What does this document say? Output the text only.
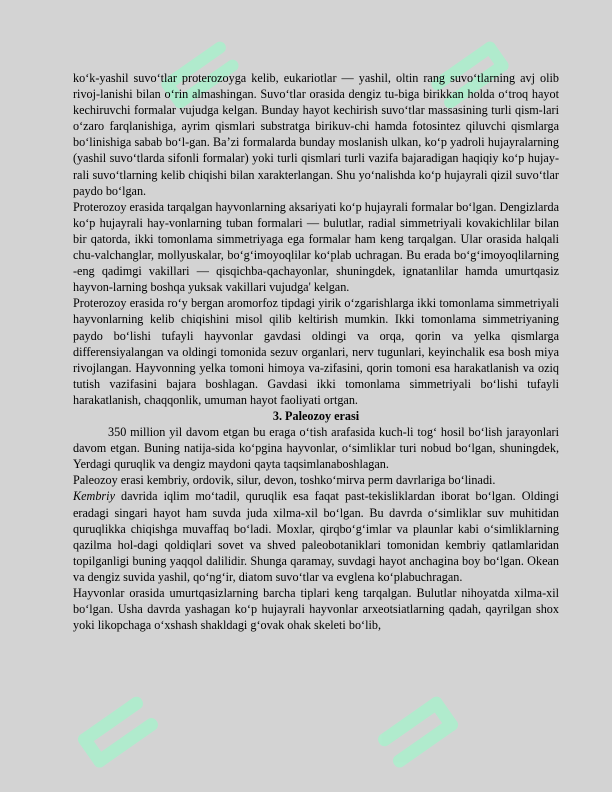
ko‘k-yashil suvo‘tlar proterozoyga kelib, eukariotlar — yashil, oltin rang suvo‘tlarning avj olib rivoj-lanishi bilan o‘rin almashingan. Suvo‘tlar orasida dengiz tu-biga birikkan holda o‘troq hayot kechiruvchi formalar vujudga kelgan. Bunday hayot kechirish suvo‘tlar massasining turli qism-lari o‘zaro farqlanishiga, ayrim qismlari substratga birikuv-chi hamda fotosintez qiluvchi qismlarga bo‘linishiga sabab bo‘l-gan. Ba’zi formalarda bunday moslanish ulkan, ko‘p yadroli hujayralarning (yashil suvo‘tlarda sifonli formalar) yoki turli qismlari turli vazifa bajaradigan haqiqiy ko‘p hujay-rali suvo‘tlarning kelib chiqishi bilan xarakterlangan. Shu yo‘nalishda ko‘p hujayrali qizil suvo‘tlar paydo bo‘lgan.

Proterozoy erasida tarqalgan hayvonlarning aksariyati ko‘p hujayrali formalar bo‘lgan. Dengizlarda ko‘p hujayrali hay-vonlarning tuban formalari — bulutlar, radial simmetriyali kovakichlilar bilan bir qatorda, ikki tomonlama simmetriyaga ega formalar ham keng tarqalgan. Ular orasida halqali chu-valchanglar, mollyuskalar, bo‘g‘imoyoqlilar ko‘plab uchragan. Bu erada bo‘g‘imoyoqlilarning -eng qadimgi vakillari — qisqichba-qachayonlar, shuningdek, ignatanlilar hamda umurtqasiz hayvon-larning boshqa yuksak vakillari vujudga' kelgan.

Proterozoy erasida ro‘y bergan aromorfoz tipdagi yirik o‘zgarishlarga ikki tomonlama simmetriyali hayvonlarning kelib chiqishini misol qilib keltirish mumkin. Ikki tomonlama simmetriyaning paydo bo‘lishi tufayli hayvonlar gavdasi oldingi va orqa, qorin va yelka qismlarga differensiyalangan va oldingi tomonida sezuv organlari, nerv tugunlari, keyinchalik esa bosh miya rivojlangan. Hayvonning yelka tomoni himoya va-zifasini, qorin tomoni esa harakatlanish va oziq tutish vazifasini bajara boshlagan. Gavdasi ikki tomonlama simmetriyali bo‘lishi tufayli harakatlanish, chaqqonlik, umuman hayot faoliyati ortgan.

3. Paleozoy erasi

350 million yil davom etgan bu eraga o‘tish arafasida kuch-li tog‘ hosil bo‘lish jarayonlari davom etgan. Buning natija-sida ko‘pgina hayvonlar, o‘simliklar turi nobud bo‘lgan, shuningdek, Yerdagi quruqlik va dengiz maydoni qayta taqsimlanaboshlagan.

Paleozoy erasi kembriy, ordovik, silur, devon, toshko‘mirva perm davrlariga bo‘linadi.

Kembriy davrida iqlim mo‘tadil, quruqlik esa faqat past-tekisliklardan iborat bo‘lgan. Oldingi eradagi singari hayot ham suvda juda xilma-xil bo‘lgan. Bu davrda o‘simliklar suv muhitidan quruqlikka chiqishga muvaffaq bo‘ladi. Moxlar, qirqbo‘g‘imlar va plaunlar kabi o‘simliklarning qazilma hol-dagi qoldiqlari sovet va shved paleobotaniklari tomonidan kembriy qatlamlaridan topilganligi buning yaqqol dalilidir. Shunga qaramay, suvdagi hayot anchagina boy bo‘lgan. Okean va dengiz suvida yashil, qo‘ng‘ir, diatom suvo‘tlar va evglena ko‘plabuchragan.

Hayvonlar orasida umurtqasizlarning barcha tiplari keng tarqalgan. Bulutlar nihoyatda xilma-xil bo‘lgan. Usha davrda yashagan ko‘p hujayrali hayvonlar arxeotsiatlarning qadah, qayrilgan shox yoki likopchaga o‘xshash shakldagi g‘ovak ohak skeleti bo‘lib,
